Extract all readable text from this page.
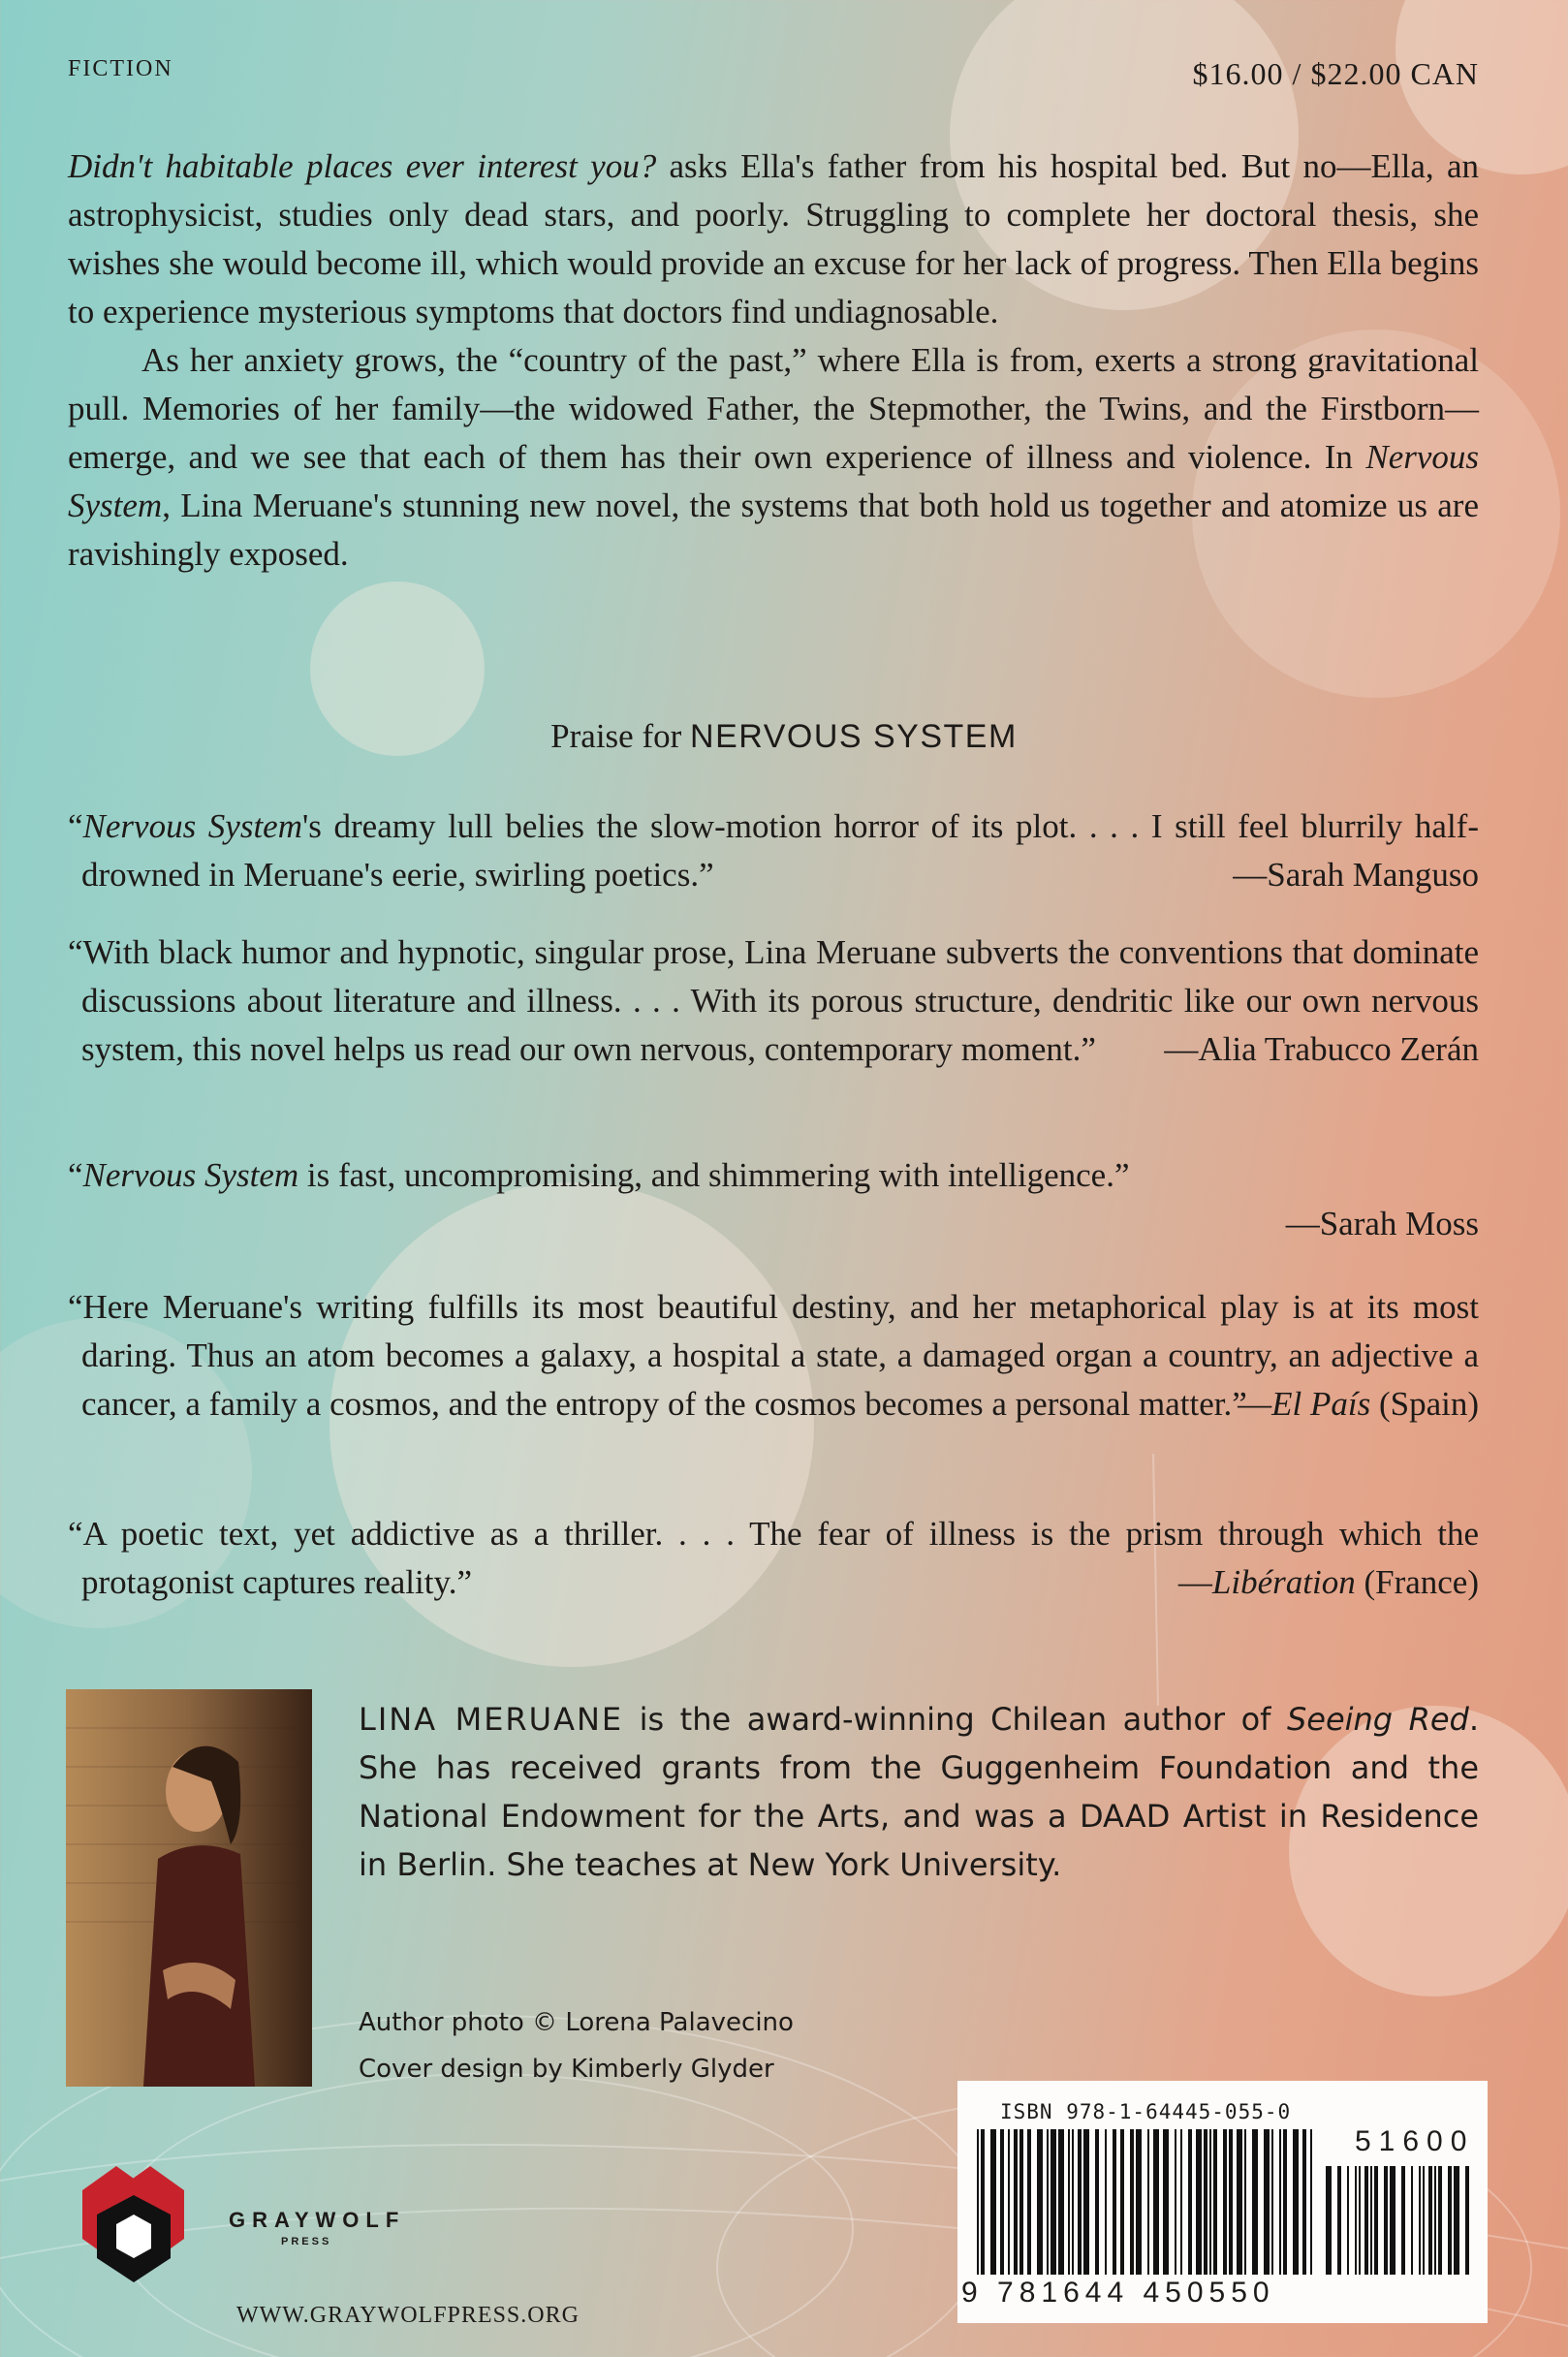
FICTION	$16.00 / $22.00 CAN

Didn't habitable places ever interest you? asks Ella's father from his hospital bed. But no—Ella, an astrophysicist, studies only dead stars, and poorly. Struggling to complete her doctoral thesis, she wishes she would become ill, which would provide an excuse for her lack of progress. Then Ella begins to experience mysterious symptoms that doctors find undiagnosable.

As her anxiety grows, the “country of the past,” where Ella is from, exerts a strong gravitational pull. Memories of her family—the widowed Father, the Stepmother, the Twins, and the Firstborn—emerge, and we see that each of them has their own experience of illness and violence. In Nervous System, Lina Meruane's stunning new novel, the systems that both hold us together and atomize us are ravishingly exposed.

Praise for NERVOUS SYSTEM
“Nervous System's dreamy lull belies the slow-motion horror of its plot. . . . I still feel blurrily half-drowned in Meruane's eerie, swirling poetics.”	—Sarah Manguso
“With black humor and hypnotic, singular prose, Lina Meruane subverts the conventions that dominate discussions about literature and illness. . . . With its porous structure, dendritic like our own nervous system, this novel helps us read our own nervous, contemporary moment.” —Alia Trabucco Zerán
“Nervous System is fast, uncompromising, and shimmering with intelligence.”
—Sarah Moss
“Here Meruane's writing fulfills its most beautiful destiny, and her metaphorical play is at its most daring. Thus an atom becomes a galaxy, a hospital a state, a damaged organ a country, an adjective a cancer, a family a cosmos, and the entropy of the cosmos becomes a personal matter.”
—El País (Spain)
“A poetic text, yet addictive as a thriller. . . . The fear of illness is the prism through which the protagonist captures reality.”	—Libération (France)
LINA MERUANE is the award-winning Chilean author of Seeing Red. She has received grants from the Guggenheim Foundation and the National Endowment for the Arts, and was a DAAD Artist in Residence in Berlin. She teaches at New York University.
Author photo © Lorena Palavecino
Cover design by Kimberly Glyder
GRAYWOLF
PRESS
WWW.GRAYWOLFPRESS.ORG
ISBN 978-1-64445-055-0
9 781644 450550
51600
